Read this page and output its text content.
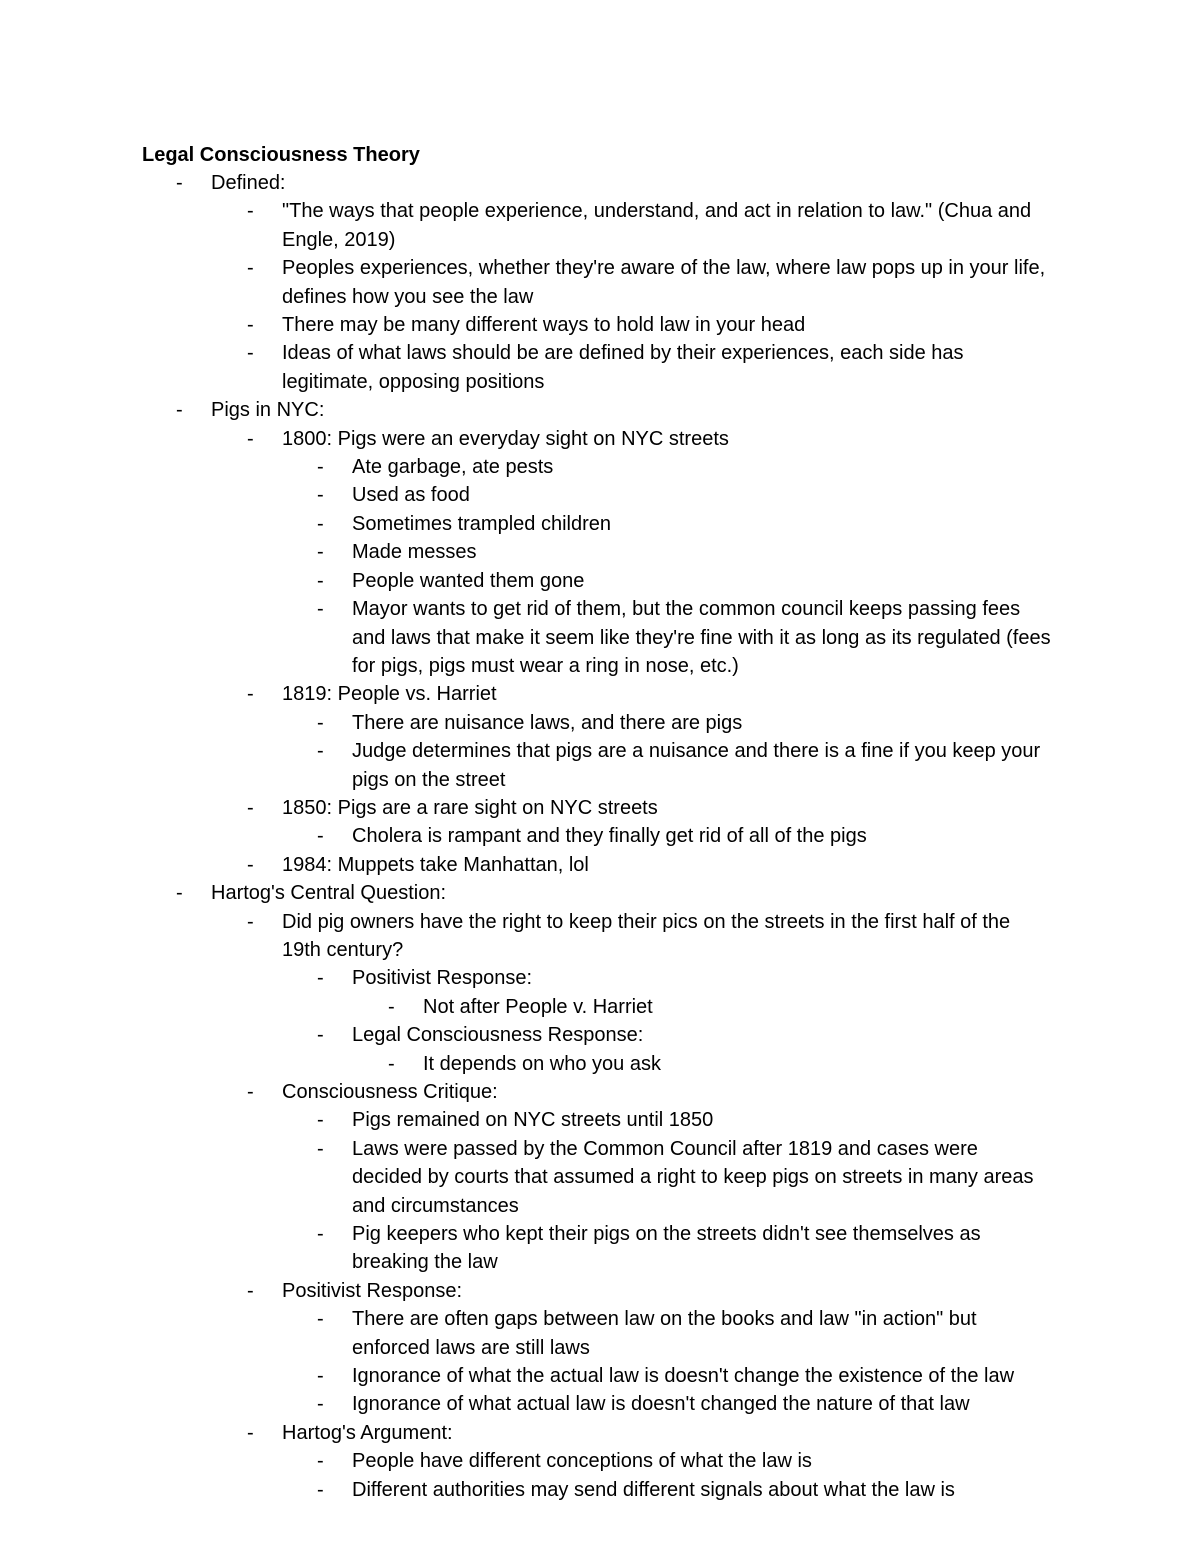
Legal Consciousness Theory
-	Defined:
-	"The ways that people experience, understand, and act in relation to law." (Chua and Engle, 2019)
-	Peoples experiences, whether they're aware of the law, where law pops up in your life, defines how you see the law
-	There may be many different ways to hold law in your head
-	Ideas of what laws should be are defined by their experiences, each side has legitimate, opposing positions
-	Pigs in NYC:
-	1800: Pigs were an everyday sight on NYC streets
-	Ate garbage, ate pests
-	Used as food
-	Sometimes trampled children
-	Made messes
-	People wanted them gone
-	Mayor wants to get rid of them, but the common council keeps passing fees and laws that make it seem like they're fine with it as long as its regulated (fees for pigs, pigs must wear a ring in nose, etc.)
-	1819: People vs. Harriet
-	There are nuisance laws, and there are pigs
-	Judge determines that pigs are a nuisance and there is a fine if you keep your pigs on the street
-	1850: Pigs are a rare sight on NYC streets
-	Cholera is rampant and they finally get rid of all of the pigs
-	1984: Muppets take Manhattan, lol
-	Hartog's Central Question:
-	Did pig owners have the right to keep their pics on the streets in the first half of the 19th century?
-	Positivist Response:
-	Not after People v. Harriet
-	Legal Consciousness Response:
-	It depends on who you ask
-	Consciousness Critique:
-	Pigs remained on NYC streets until 1850
-	Laws were passed by the Common Council after 1819 and cases were decided by courts that assumed a right to keep pigs on streets in many areas and circumstances
-	Pig keepers who kept their pigs on the streets didn't see themselves as breaking the law
-	Positivist Response:
-	There are often gaps between law on the books and law "in action" but enforced laws are still laws
-	Ignorance of what the actual law is doesn't change the existence of the law
-	Ignorance of what actual law is doesn't changed the nature of that law
-	Hartog's Argument:
-	People have different conceptions of what the law is
-	Different authorities may send different signals about what the law is
